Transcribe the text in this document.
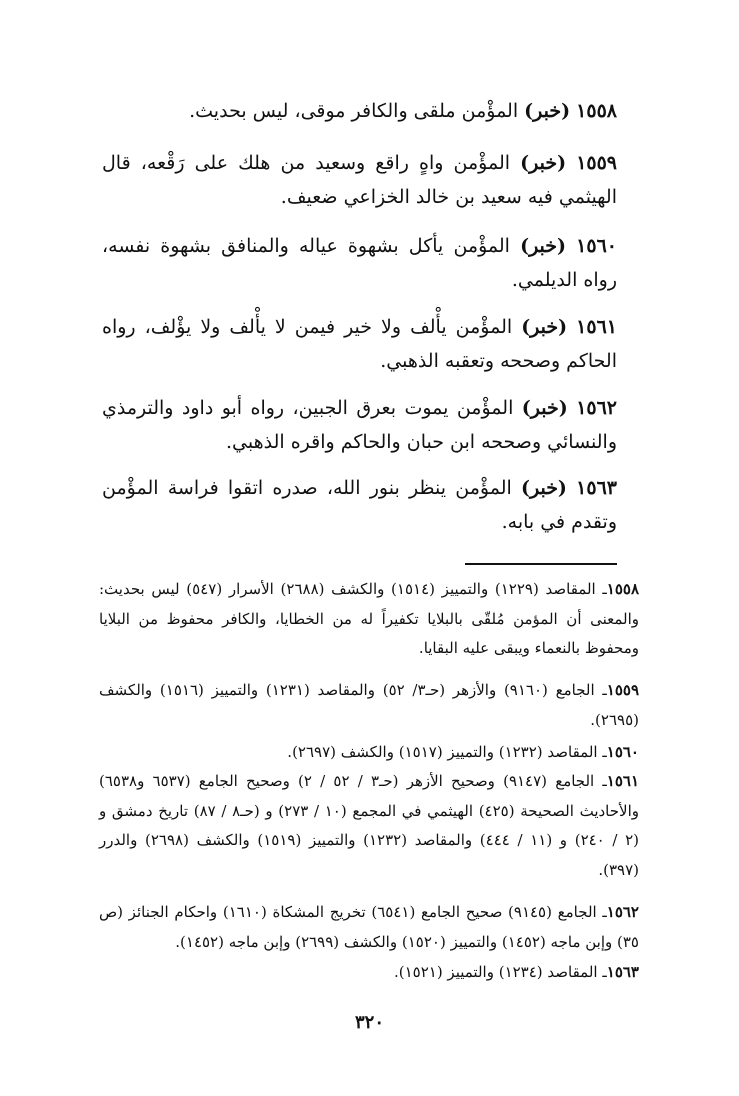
١٥٥٨ (خبر) المؤْمن ملقى والكافر موقى، ليس بحديث.
١٥٥٩ (خبر) المؤْمن واهٍ راقع وسعيد من هلك على رَقْعه، قال الهيثمي فيه سعيد بن خالد الخزاعي ضعيف.
١٥٦٠ (خبر) المؤْمن يأكل بشهوة عياله والمنافق بشهوة نفسه، رواه الديلمي.
١٥٦١ (خبر) المؤْمن يأْلف ولا خير فيمن لا يأْلف ولا يؤْلف، رواه الحاكم وصححه وتعقبه الذهبي.
١٥٦٢ (خبر) المؤْمن يموت بعرق الجبين، رواه أبو داود والترمذي والنسائي وصححه ابن حبان والحاكم واقره الذهبي.
١٥٦٣ (خبر) المؤْمن ينظر بنور الله، صدره اتقوا فراسة المؤْمن وتقدم في بابه.
١٥٥٨ـ المقاصد (١٢٢٩) والتمييز (١٥١٤) والكشف (٢٦٨٨) الأسرار (٥٤٧) ليس بحديث: والمعنى أن المؤمن مُلقّى بالبلايا تكفيراً له من الخطايا، والكافر محفوظ من البلايا ومحفوظ بالنعماء ويبقى عليه البقايا.
١٥٥٩ـ الجامع (٩١٦٠) والأزهر (حـ٣/ ٥٢) والمقاصد (١٢٣١) والتمييز (١٥١٦) والكشف (٢٦٩٥).
١٥٦٠ـ المقاصد (١٢٣٢) والتمييز (١٥١٧) والكشف (٢٦٩٧).
١٥٦١ـ الجامع (٩١٤٧) وصحيح الأزهر (حـ٣ / ٥٢ / ٢) وصحيح الجامع (٦٥٣٧ و٦٥٣٨) والأحاديث الصحيحة (٤٢٥) الهيثمي في المجمع (١٠ / ٢٧٣) و (حـ٨ / ٨٧) تاريخ دمشق و (٢ / ٢٤٠) و (١١ / ٤٤٤) والمقاصد (١٢٣٢) والتمييز (١٥١٩) والكشف (٢٦٩٨) والدرر (٣٩٧).
١٥٦٢ـ الجامع (٩١٤٥) صحيح الجامع (٦٥٤١) تخريج المشكاة (١٦١٠) واحكام الجنائز (ص ٣٥) وإبن ماجه (١٤٥٢) والتمييز (١٥٢٠) والكشف (٢٦٩٩) وإبن ماجه (١٤٥٢).
١٥٦٣ـ المقاصد (١٢٣٤) والتمييز (١٥٢١).
٣٢٠
